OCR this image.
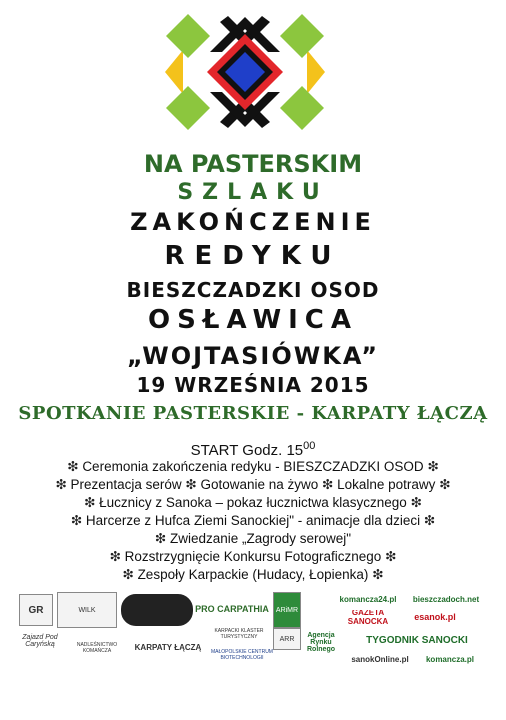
NA PASTERSKIM
SZLAKU
ZAKOŃCZENIE
REDYKU
BIESZCZADZKI OSOD
OSŁAWICA
„WOJTASIÓWKA”
19 WRZEŚNIA 2015
SPOTKANIE PASTERSKIE - KARPATY ŁĄCZĄ
START Godz. $15^{00}$
❇ Ceremonia zakończenia redyku - BIESZCZADZKI OSOD ❇
❇ Prezentacja serów ❇ Gotowanie na żywo ❇ Lokalne potrawy ❇
❇ Łucznicy z Sanoka – pokaz łucznictwa klasycznego ❇
❇ Harcerze z Hufca Ziemi Sanockiej" - animacje dla dzieci ❇
❇ Zwiedzanie „Zagrody serowej"
❇ Rozstrzygnięcie Konkursu Fotograficznego ❇
❇ Zespoły Karpackie (Hudacy, Łopienka) ❇
GR	WILK	PRO CARPATHIA	ARiMR
komancza24.pl	bieszczadoch.net
GAZETA SANOCKA	esanok.pl
ARR
Agencja Rynku Rolnego
TYGODNIK SANOCKI
Zajazd Pod Caryńską	NADLEŚNICTWO KOMAŃCZA	KARPATY ŁĄCZĄ
KARPACKI KLASTER TURYSTYCZNY
MAŁOPOLSKIE CENTRUM BIOTECHNOLOGII	sanokOnline.pl	komancza.pl
